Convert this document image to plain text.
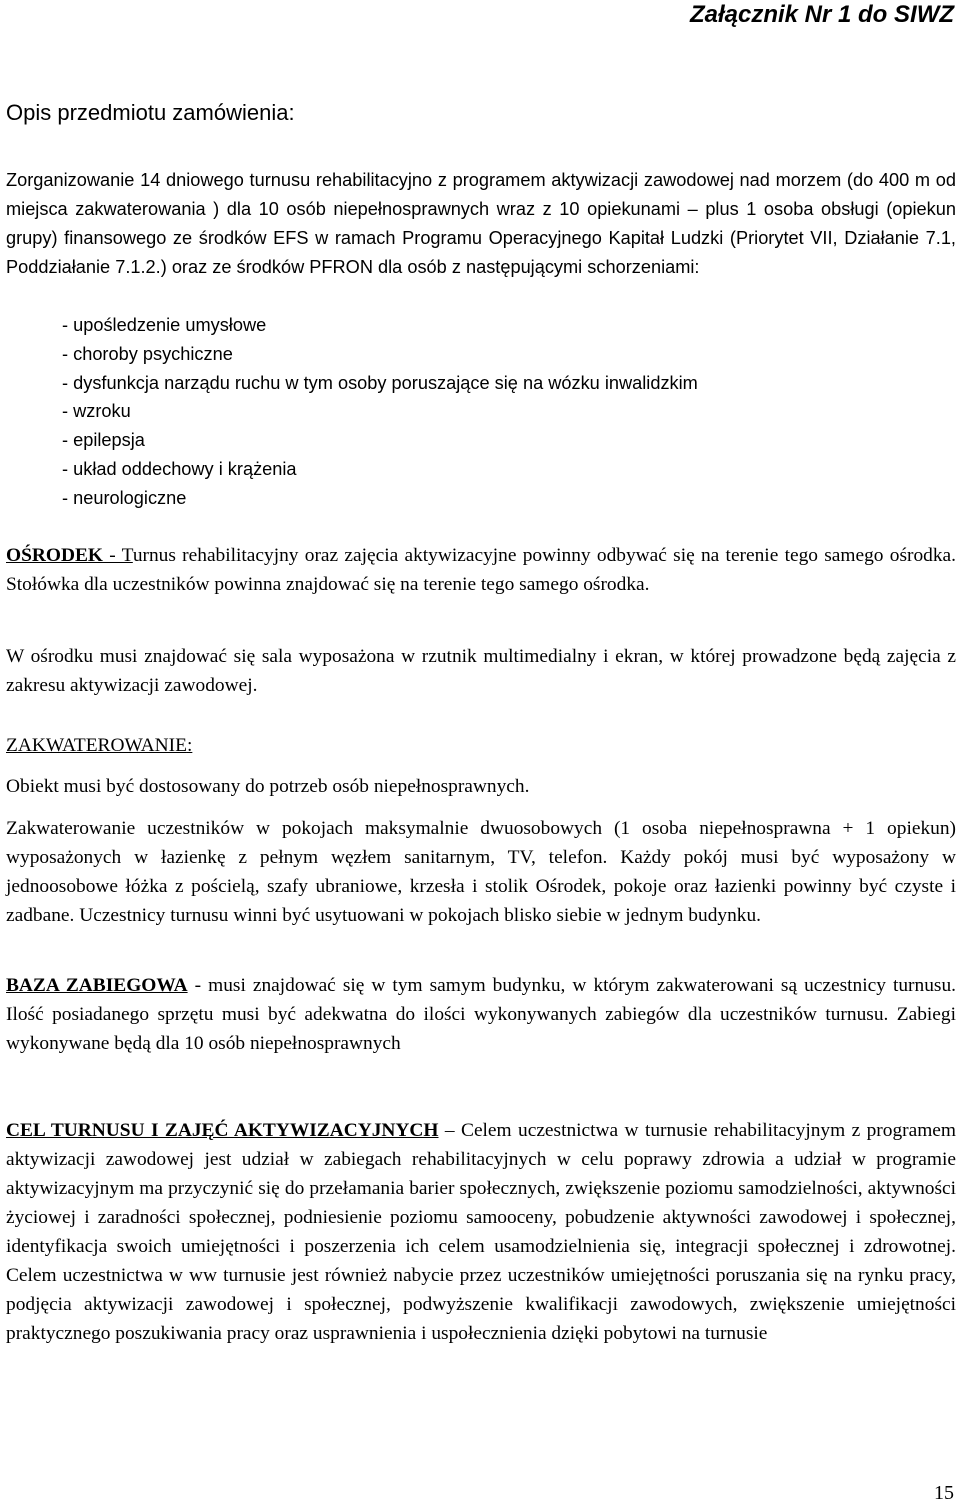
Załącznik Nr 1 do SIWZ
Opis przedmiotu zamówienia:
Zorganizowanie 14 dniowego turnusu rehabilitacyjno z programem aktywizacji zawodowej nad morzem (do 400 m od miejsca zakwaterowania ) dla 10 osób niepełnosprawnych wraz z 10 opiekunami – plus 1 osoba obsługi (opiekun grupy) finansowego ze środków EFS w ramach Programu Operacyjnego Kapitał Ludzki (Priorytet VII, Działanie 7.1, Poddziałanie 7.1.2.) oraz ze środków PFRON dla osób z następującymi schorzeniami:
- upośledzenie umysłowe
- choroby psychiczne
- dysfunkcja narządu ruchu w tym osoby poruszające się na wózku inwalidzkim
- wzroku
- epilepsja
- układ oddechowy i krążenia
- neurologiczne
OŚRODEK - Turnus rehabilitacyjny oraz zajęcia aktywizacyjne powinny odbywać się na terenie tego samego ośrodka. Stołówka dla uczestników powinna znajdować się na terenie tego samego ośrodka.
W ośrodku musi znajdować się sala wyposażona w rzutnik multimedialny i ekran, w której prowadzone będą zajęcia z zakresu aktywizacji zawodowej.
ZAKWATEROWANIE:
Obiekt musi być dostosowany do potrzeb osób niepełnosprawnych.
Zakwaterowanie uczestników w pokojach maksymalnie dwuosobowych (1 osoba niepełnosprawna + 1 opiekun) wyposażonych w łazienkę z pełnym węzłem sanitarnym, TV, telefon. Każdy pokój musi być wyposażony w jednoosobowe łóżka z pościelą, szafy ubraniowe, krzesła i stolik Ośrodek, pokoje oraz łazienki powinny być czyste i zadbane. Uczestnicy turnusu winni być usytuowani w pokojach blisko siebie w jednym budynku.
BAZA ZABIEGOWA - musi znajdować się w tym samym budynku, w którym zakwaterowani są uczestnicy turnusu. Ilość posiadanego sprzętu musi być adekwatna do ilości wykonywanych zabiegów dla uczestników turnusu. Zabiegi wykonywane będą dla 10 osób niepełnosprawnych
CEL TURNUSU I ZAJĘĆ AKTYWIZACYJNYCH – Celem uczestnictwa w turnusie rehabilitacyjnym z programem aktywizacji zawodowej jest udział w zabiegach rehabilitacyjnych w celu poprawy zdrowia a udział w programie aktywizacyjnym ma przyczynić się do przełamania barier społecznych, zwiększenie poziomu samodzielności, aktywności życiowej i zaradności społecznej, podniesienie poziomu samooceny, pobudzenie aktywności zawodowej i społecznej, identyfikacja swoich umiejętności i poszerzenia ich celem usamodzielnienia się, integracji społecznej i zdrowotnej. Celem uczestnictwa w ww turnusie jest również nabycie przez uczestników umiejętności poruszania się na rynku pracy, podjęcia aktywizacji zawodowej i społecznej, podwyższenie kwalifikacji zawodowych, zwiększenie umiejętności praktycznego poszukiwania pracy oraz usprawnienia i uspołecznienia dzięki pobytowi na turnusie
15
